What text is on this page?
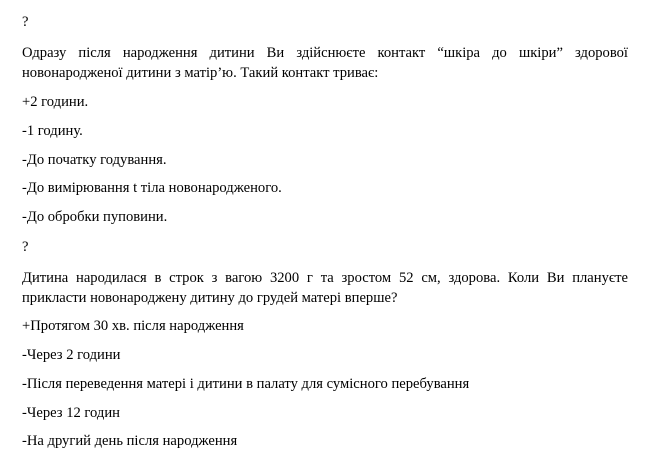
?
Одразу після народження дитини Ви здійснюєте контакт “шкіра до шкіри” здорової новонародженої дитини з матір’ю. Такий контакт триває:
+2 години.
-1 годину.
-До початку годування.
-До вимірювання t тіла новонародженого.
-До обробки пуповини.
?
Дитина народилася в строк з вагою 3200 г та зростом 52 см, здорова. Коли Ви плануєте прикласти новонароджену дитину до грудей матері вперше?
+Протягом 30 хв. після народження
-Через 2 години
-Після переведення матері і дитини в палату для сумісного перебування
-Через 12 годин
-На другий день після народження
